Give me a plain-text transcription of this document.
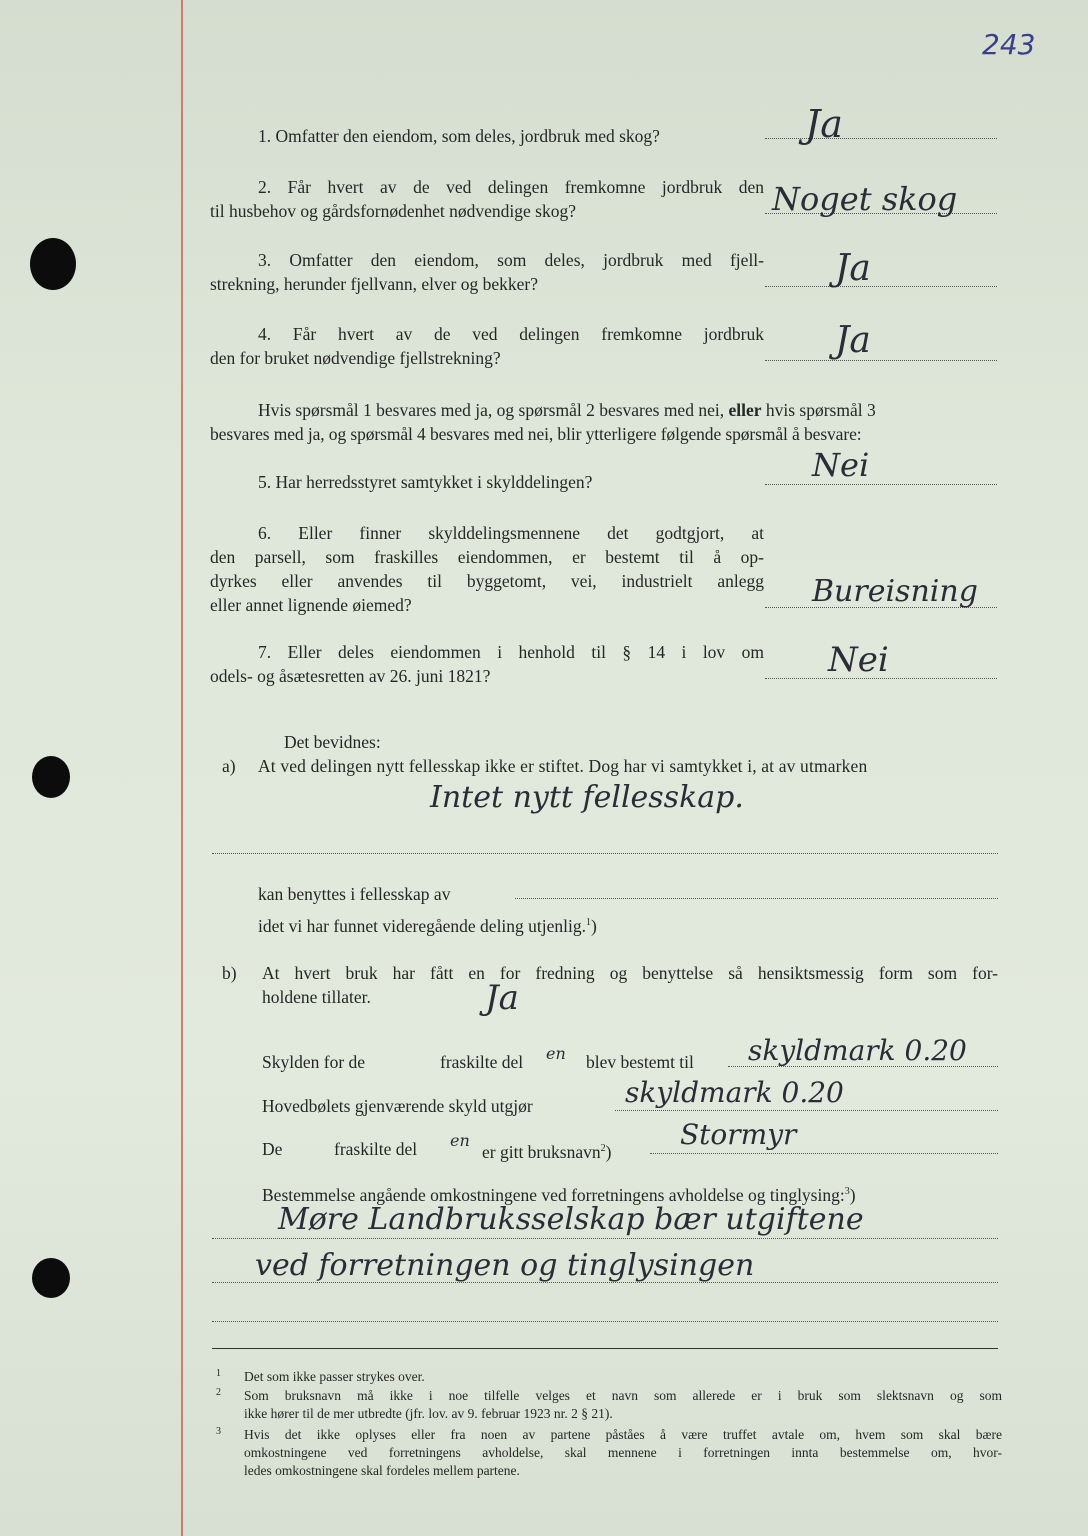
243
1. Omfatter den eiendom, som deles, jordbruk med skog?	Ja
2. Får hvert av de ved delingen fremkomne jordbruk den
til husbehov og gårdsfornødenhet nødvendige skog?	Noget skog
3. Omfatter den eiendom, som deles, jordbruk med fjell-
strekning, herunder fjellvann, elver og bekker?	Ja
4. Får hvert av de ved delingen fremkomne jordbruk
den for bruket nødvendige fjellstrekning?	Ja
Hvis spørsmål 1 besvares med ja, og spørsmål 2 besvares med nei, eller hvis spørsmål 3
besvares med ja, og spørsmål 4 besvares med nei, blir ytterligere følgende spørsmål å besvare:
5. Har herredsstyret samtykket i skylddelingen?	Nei
6. Eller finner skylddelingsmennene det godtgjort, at
den parsell, som fraskilles eiendommen, er bestemt til å op-
dyrkes eller anvendes til byggetomt, vei, industrielt anlegg
eller annet lignende øiemed?	Bureisning
7. Eller deles eiendommen i henhold til § 14 i lov om
odels- og åsætesretten av 26. juni 1821?	Nei
Det bevidnes:
a) At ved delingen nytt fellesskap ikke er stiftet. Dog har vi samtykket i, at av utmarken
Intet nytt fellesskap.
kan benyttes i fellesskap av
idet vi har funnet videregående deling utjenlig.$^1$)
b) At hvert bruk har fått en for fredning og benyttelse så hensiktsmessig form som for-
holdene tillater.	Ja
Skylden for de	fraskilte del en blev bestemt til skyldmark 0.20
Hovedbølets gjenværende skyld utgjør	skyldmark 0.20
De	fraskilte del en
er gitt bruksnavn$^2$)
Stormyr
Bestemmelse angående omkostningene ved forretningens avholdelse og tinglysing:$^3$)
Møre Landbruksselskap bær utgiftene
ved forretningen og tinglysingen
1 Det som ikke passer strykes over.
2 Som bruksnavn må ikke i noe tilfelle velges et navn som allerede er i bruk som slektsnavn og som
ikke hører til de mer utbredte (jfr. lov. av 9. februar 1923 nr. 2 § 21).
3 Hvis det ikke oplyses eller fra noen av partene påståes å være truffet avtale om, hvem som skal bære
omkostningene ved forretningens avholdelse, skal mennene i forretningen innta bestemmelse om, hvor-
ledes omkostningene skal fordeles mellem partene.
